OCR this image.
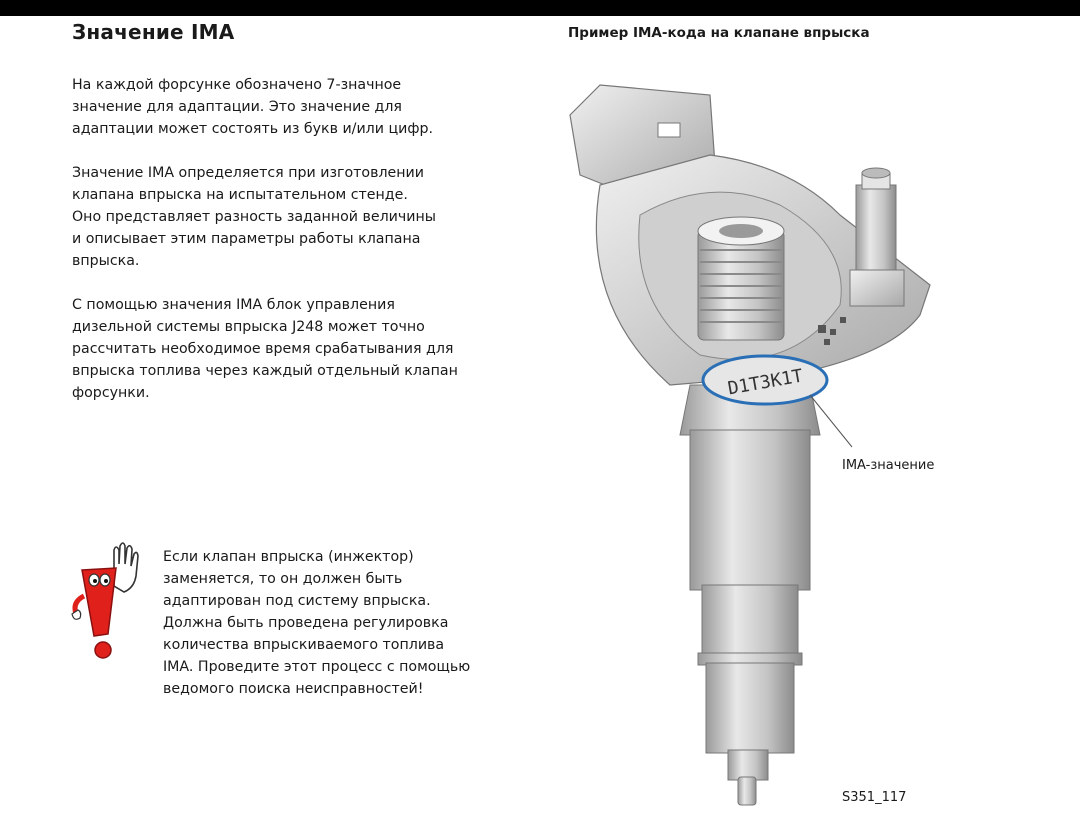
Значение IMA

На каждой форсунке обозначено 7-значное
значение для адаптации. Это значение для
адаптации может состоять из букв и/или цифр.

Значение IMA определяется при изготовлении
клапана впрыска на испытательном стенде.
Оно представляет разность заданной величины
и описывает этим параметры работы клапана
впрыска.

С помощью значения IMA блок управления
дизельной системы впрыска J248 может точно
рассчитать необходимое время срабатывания для
впрыска топлива через каждый отдельный клапан
форсунки.

Если клапан впрыска (инжектор)
заменяется, то он должен быть
адаптирован под систему впрыска.
Должна быть проведена регулировка
количества впрыскиваемого топлива
IMA. Проведите этот процесс с помощью
ведомого поиска неисправностей!
Пример IMA-кода на клапане впрыска
D1T3K1T
IMA-значение
S351_117
